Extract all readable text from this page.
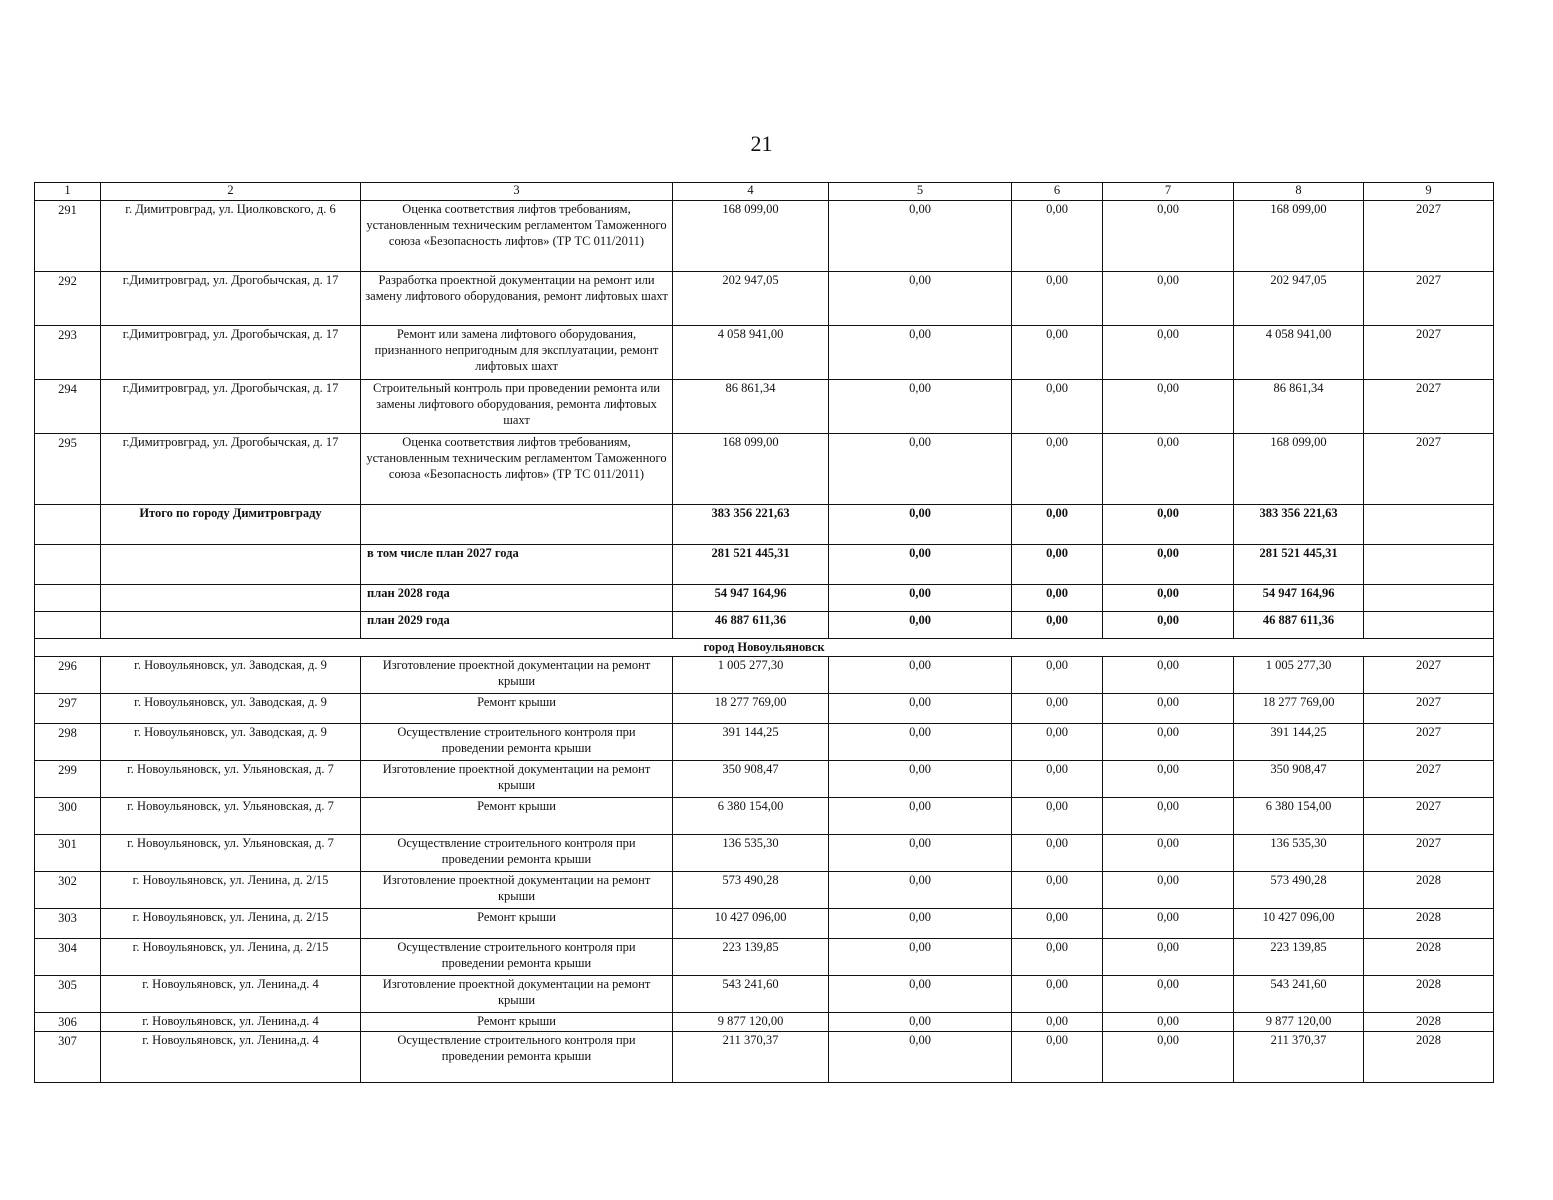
21
1	2	3	4	5	6	7	8	9
291	г. Димитровград, ул. Циолковского, д. 6	Оценка соответствия лифтов требованиям, установленным техническим регламентом Таможенного союза «Безопасность лифтов» (ТР ТС 011/2011)	168 099,00	0,00	0,00	0,00	168 099,00	2027
292	г.Димитровград, ул. Дрогобычская, д. 17	Разработка проектной документации на ремонт или замену лифтового оборудования, ремонт лифтовых шахт	202 947,05	0,00	0,00	0,00	202 947,05	2027
293	г.Димитровград, ул. Дрогобычская, д. 17	Ремонт или замена лифтового оборудования, признанного непригодным для эксплуатации, ремонт лифтовых шахт	4 058 941,00	0,00	0,00	0,00	4 058 941,00	2027
294	г.Димитровград, ул. Дрогобычская, д. 17	Строительный контроль при проведении ремонта или замены лифтового оборудования, ремонта лифтовых шахт	86 861,34	0,00	0,00	0,00	86 861,34	2027
295	г.Димитровград, ул. Дрогобычская, д. 17	Оценка соответствия лифтов требованиям, установленным техническим регламентом Таможенного союза «Безопасность лифтов» (ТР ТС 011/2011)	168 099,00	0,00	0,00	0,00	168 099,00	2027
	Итого по городу Димитровграду		383 356 221,63	0,00	0,00	0,00	383 356 221,63	
		в том числе план 2027 года	281 521 445,31	0,00	0,00	0,00	281 521 445,31	
		план 2028 года	54 947 164,96	0,00	0,00	0,00	54 947 164,96	
		план 2029 года	46 887 611,36	0,00	0,00	0,00	46 887 611,36	
город Новоульяновск								
296	г. Новоульяновск, ул. Заводская, д. 9	Изготовление проектной документации на ремонт крыши	1 005 277,30	0,00	0,00	0,00	1 005 277,30	2027
297	г. Новоульяновск, ул. Заводская, д. 9	Ремонт крыши	18 277 769,00	0,00	0,00	0,00	18 277 769,00	2027
298	г. Новоульяновск, ул. Заводская, д. 9	Осуществление строительного контроля при проведении ремонта крыши	391 144,25	0,00	0,00	0,00	391 144,25	2027
299	г. Новоульяновск, ул. Ульяновская, д. 7	Изготовление проектной документации на ремонт крыши	350 908,47	0,00	0,00	0,00	350 908,47	2027
300	г. Новоульяновск, ул. Ульяновская, д. 7	Ремонт крыши	6 380 154,00	0,00	0,00	0,00	6 380 154,00	2027
301	г. Новоульяновск, ул. Ульяновская, д. 7	Осуществление строительного контроля при проведении ремонта крыши	136 535,30	0,00	0,00	0,00	136 535,30	2027
302	г. Новоульяновск, ул. Ленина, д. 2/15	Изготовление проектной документации на ремонт крыши	573 490,28	0,00	0,00	0,00	573 490,28	2028
303	г. Новоульяновск, ул. Ленина, д. 2/15	Ремонт крыши	10 427 096,00	0,00	0,00	0,00	10 427 096,00	2028
304	г. Новоульяновск, ул. Ленина, д. 2/15	Осуществление строительного контроля при проведении ремонта крыши	223 139,85	0,00	0,00	0,00	223 139,85	2028
305	г. Новоульяновск, ул. Ленина,д. 4	Изготовление проектной документации на ремонт крыши	543 241,60	0,00	0,00	0,00	543 241,60	2028
306	г. Новоульяновск, ул. Ленина,д. 4	Ремонт крыши	9 877 120,00	0,00	0,00	0,00	9 877 120,00	2028
307	г. Новоульяновск, ул. Ленина,д. 4	Осуществление строительного контроля при проведении ремонта крыши	211 370,37	0,00	0,00	0,00	211 370,37	2028
